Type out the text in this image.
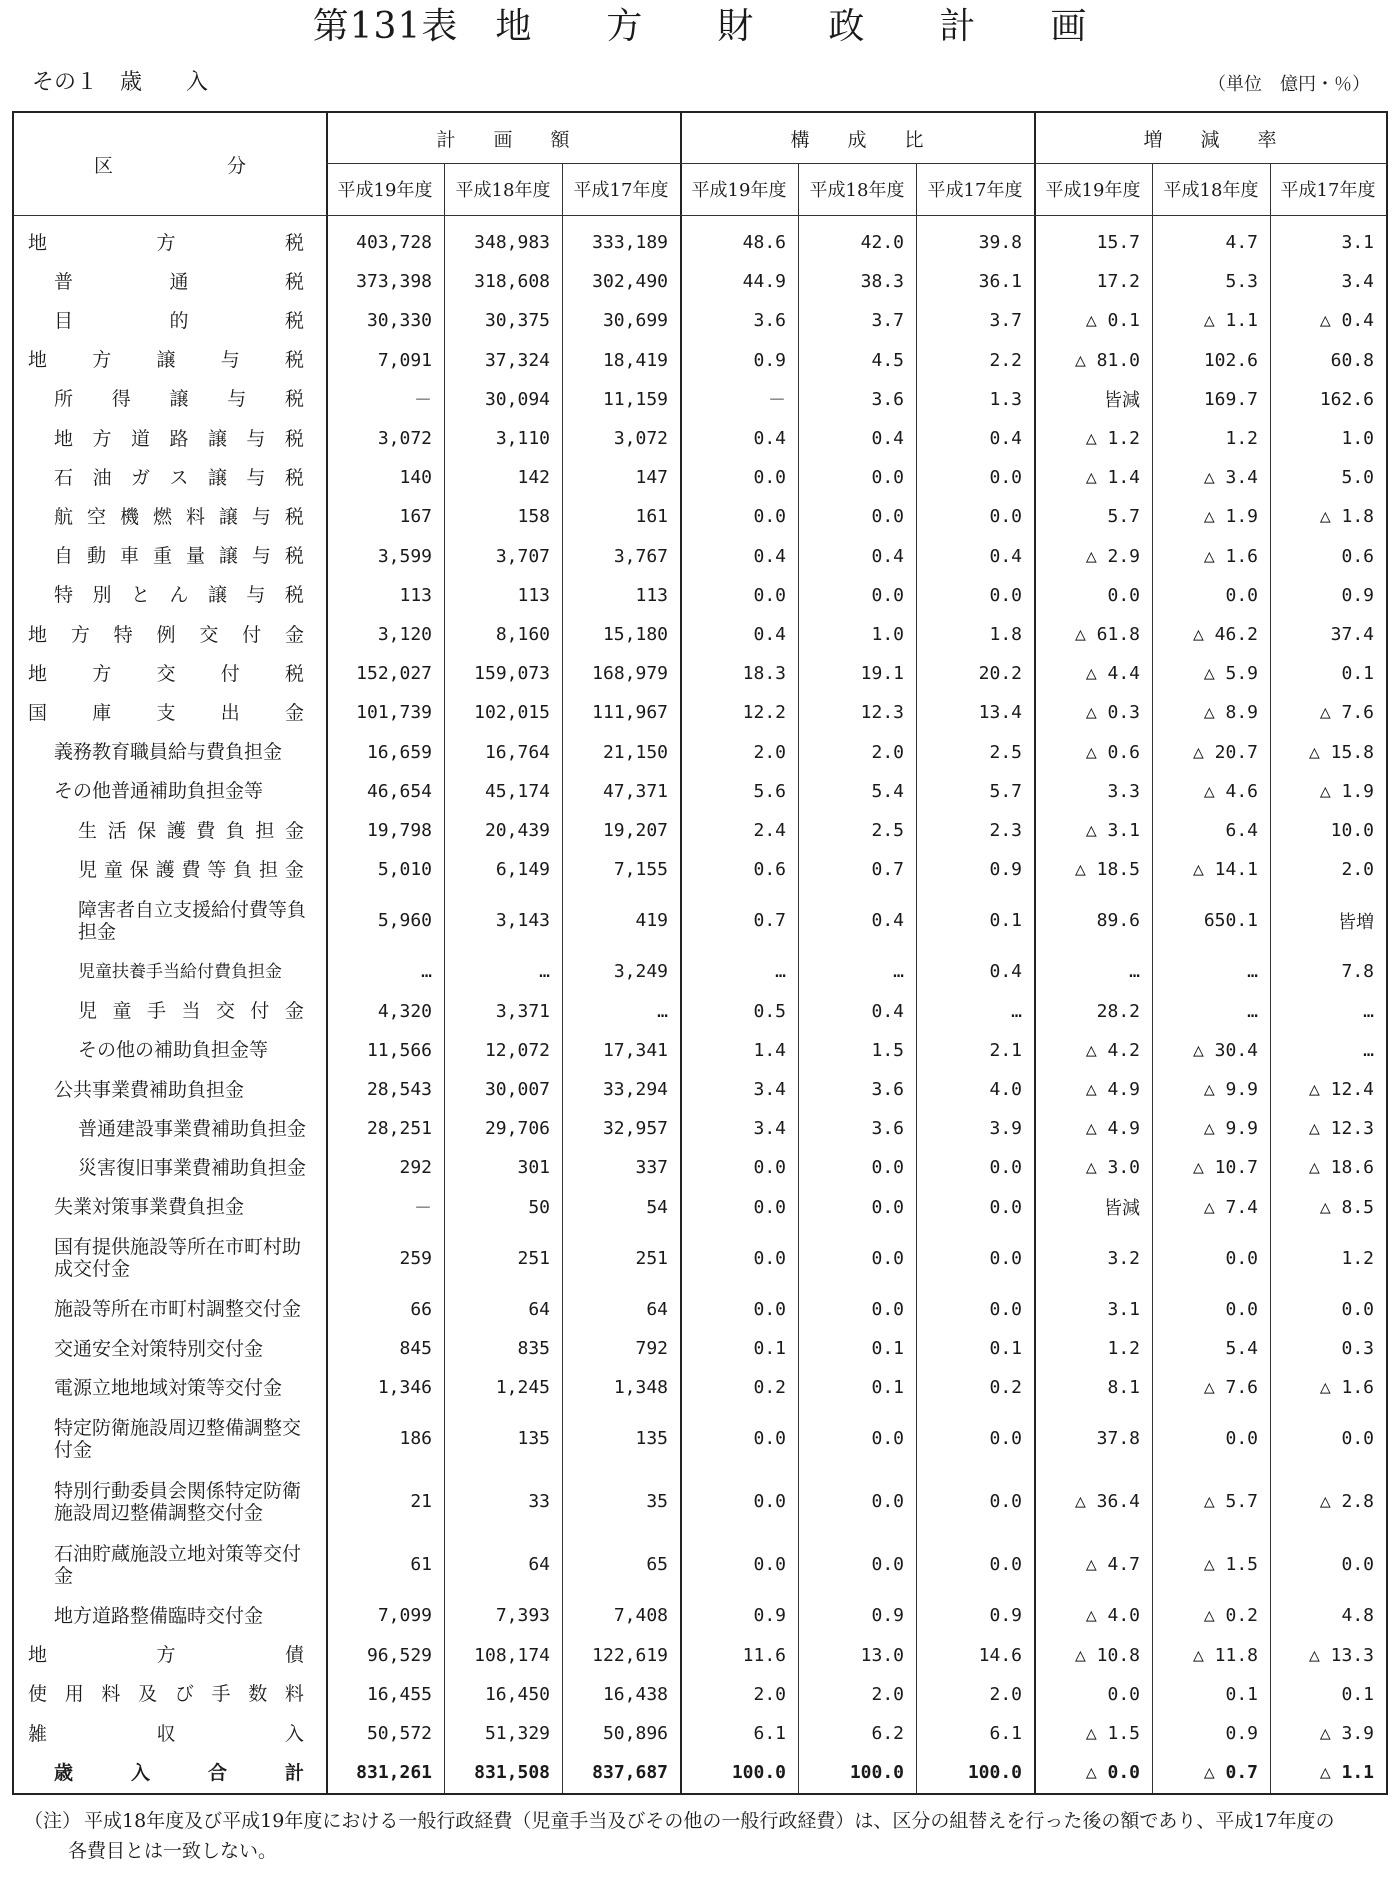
第131表　地　　方　　財　　政　　計　　画
その１　歳　　入	（単位　億円・％）
区　　　　　　分
計　　画　　額	構　　成　　比	増　　減　　率
平成19年度	平成18年度	平成17年度	平成19年度	平成18年度	平成17年度	平成19年度	平成18年度	平成17年度
地	方	税	403,728	348,983	333,189	48.6	42.0	39.8	15.7	4.7	3.1
普	通	税	373,398	318,608	302,490	44.9	38.3	36.1	17.2	5.3	3.4
目	的	税	30,330	30,375	30,699	3.6	3.7	3.7	△ 0.1	△ 1.1	△ 0.4
地 方 譲 与 税	7,091	37,324	18,419	0.9	4.5	2.2	△ 81.0	102.6	60.8
所 得 譲 与 税	－	30,094	11,159	－	3.6	1.3	皆減	169.7	162.6
地 方 道 路 譲 与 税	3,072	3,110	3,072	0.4	0.4	0.4	△ 1.2	1.2	1.0
石 油 ガ ス 譲 与 税	140	142	147	0.0	0.0	0.0	△ 1.4	△ 3.4	5.0
航 空 機 燃 料 譲 与 税	167	158	161	0.0	0.0	0.0	5.7	△ 1.9	△ 1.8
自 動 車 重 量 譲 与 税	3,599	3,707	3,767	0.4	0.4	0.4	△ 2.9	△ 1.6	0.6
特 別 と ん 譲 与 税	113	113	113	0.0	0.0	0.0	0.0	0.0	0.9
地 方 特 例 交 付 金	3,120	8,160	15,180	0.4	1.0	1.8	△ 61.8	△ 46.2	37.4
地 方 交 付 税	152,027	159,073	168,979	18.3	19.1	20.2	△ 4.4	△ 5.9	0.1
国 庫 支 出 金	101,739	102,015	111,967	12.2	12.3	13.4	△ 0.3	△ 8.9	△ 7.6
義務教育職員給与費負担金	16,659	16,764	21,150	2.0	2.0	2.5	△ 0.6	△ 20.7	△ 15.8
その他普通補助負担金等	46,654	45,174	47,371	5.6	5.4	5.7	3.3	△ 4.6	△ 1.9
生 活 保 護 費 負 担 金	19,798	20,439	19,207	2.4	2.5	2.3	△ 3.1	6.4	10.0
児 童 保 護 費 等 負 担 金	5,010	6,149	7,155	0.6	0.7	0.9	△ 18.5	△ 14.1	2.0
障害者自立支援給付費等負担金	5,960	3,143	419	0.7	0.4	0.1	89.6	650.1	皆増
児童扶養手当給付費負担金	…	…	3,249	…	…	0.4	…	…	7.8
児 童 手 当 交 付 金	4,320	3,371	…	0.5	0.4	…	28.2	…	…
その他の補助負担金等	11,566	12,072	17,341	1.4	1.5	2.1	△ 4.2	△ 30.4	…
公共事業費補助負担金	28,543	30,007	33,294	3.4	3.6	4.0	△ 4.9	△ 9.9	△ 12.4
普通建設事業費補助負担金	28,251	29,706	32,957	3.4	3.6	3.9	△ 4.9	△ 9.9	△ 12.3
災害復旧事業費補助負担金	292	301	337	0.0	0.0	0.0	△ 3.0	△ 10.7	△ 18.6
失業対策事業費負担金	－	50	54	0.0	0.0	0.0	皆減	△ 7.4	△ 8.5
国有提供施設等所在市町村助成交付金	259	251	251	0.0	0.0	0.0	3.2	0.0	1.2
施設等所在市町村調整交付金	66	64	64	0.0	0.0	0.0	3.1	0.0	0.0
交通安全対策特別交付金	845	835	792	0.1	0.1	0.1	1.2	5.4	0.3
電源立地地域対策等交付金	1,346	1,245	1,348	0.2	0.1	0.2	8.1	△ 7.6	△ 1.6
特定防衛施設周辺整備調整交付金	186	135	135	0.0	0.0	0.0	37.8	0.0	0.0
特別行動委員会関係特定防衛施設周辺整備調整交付金	21	33	35	0.0	0.0	0.0	△ 36.4	△ 5.7	△ 2.8
石油貯蔵施設立地対策等交付金	61	64	65	0.0	0.0	0.0	△ 4.7	△ 1.5	0.0
地方道路整備臨時交付金	7,099	7,393	7,408	0.9	0.9	0.9	△ 4.0	△ 0.2	4.8
地	方	債	96,529	108,174	122,619	11.6	13.0	14.6	△ 10.8	△ 11.8	△ 13.3
使 用 料 及 び 手 数 料	16,455	16,450	16,438	2.0	2.0	2.0	0.0	0.1	0.1
雑	収	入	50,572	51,329	50,896	6.1	6.2	6.1	△ 1.5	0.9	△ 3.9
歳	入	合	計	831,261	831,508	837,687	100.0	100.0	100.0	△ 0.0	△ 0.7	△ 1.1
（注） 平成18年度及び平成19年度における一般行政経費（児童手当及びその他の一般行政経費）は、区分の組替えを行った後の額であり、平成17年度の
各費目とは一致しない。
